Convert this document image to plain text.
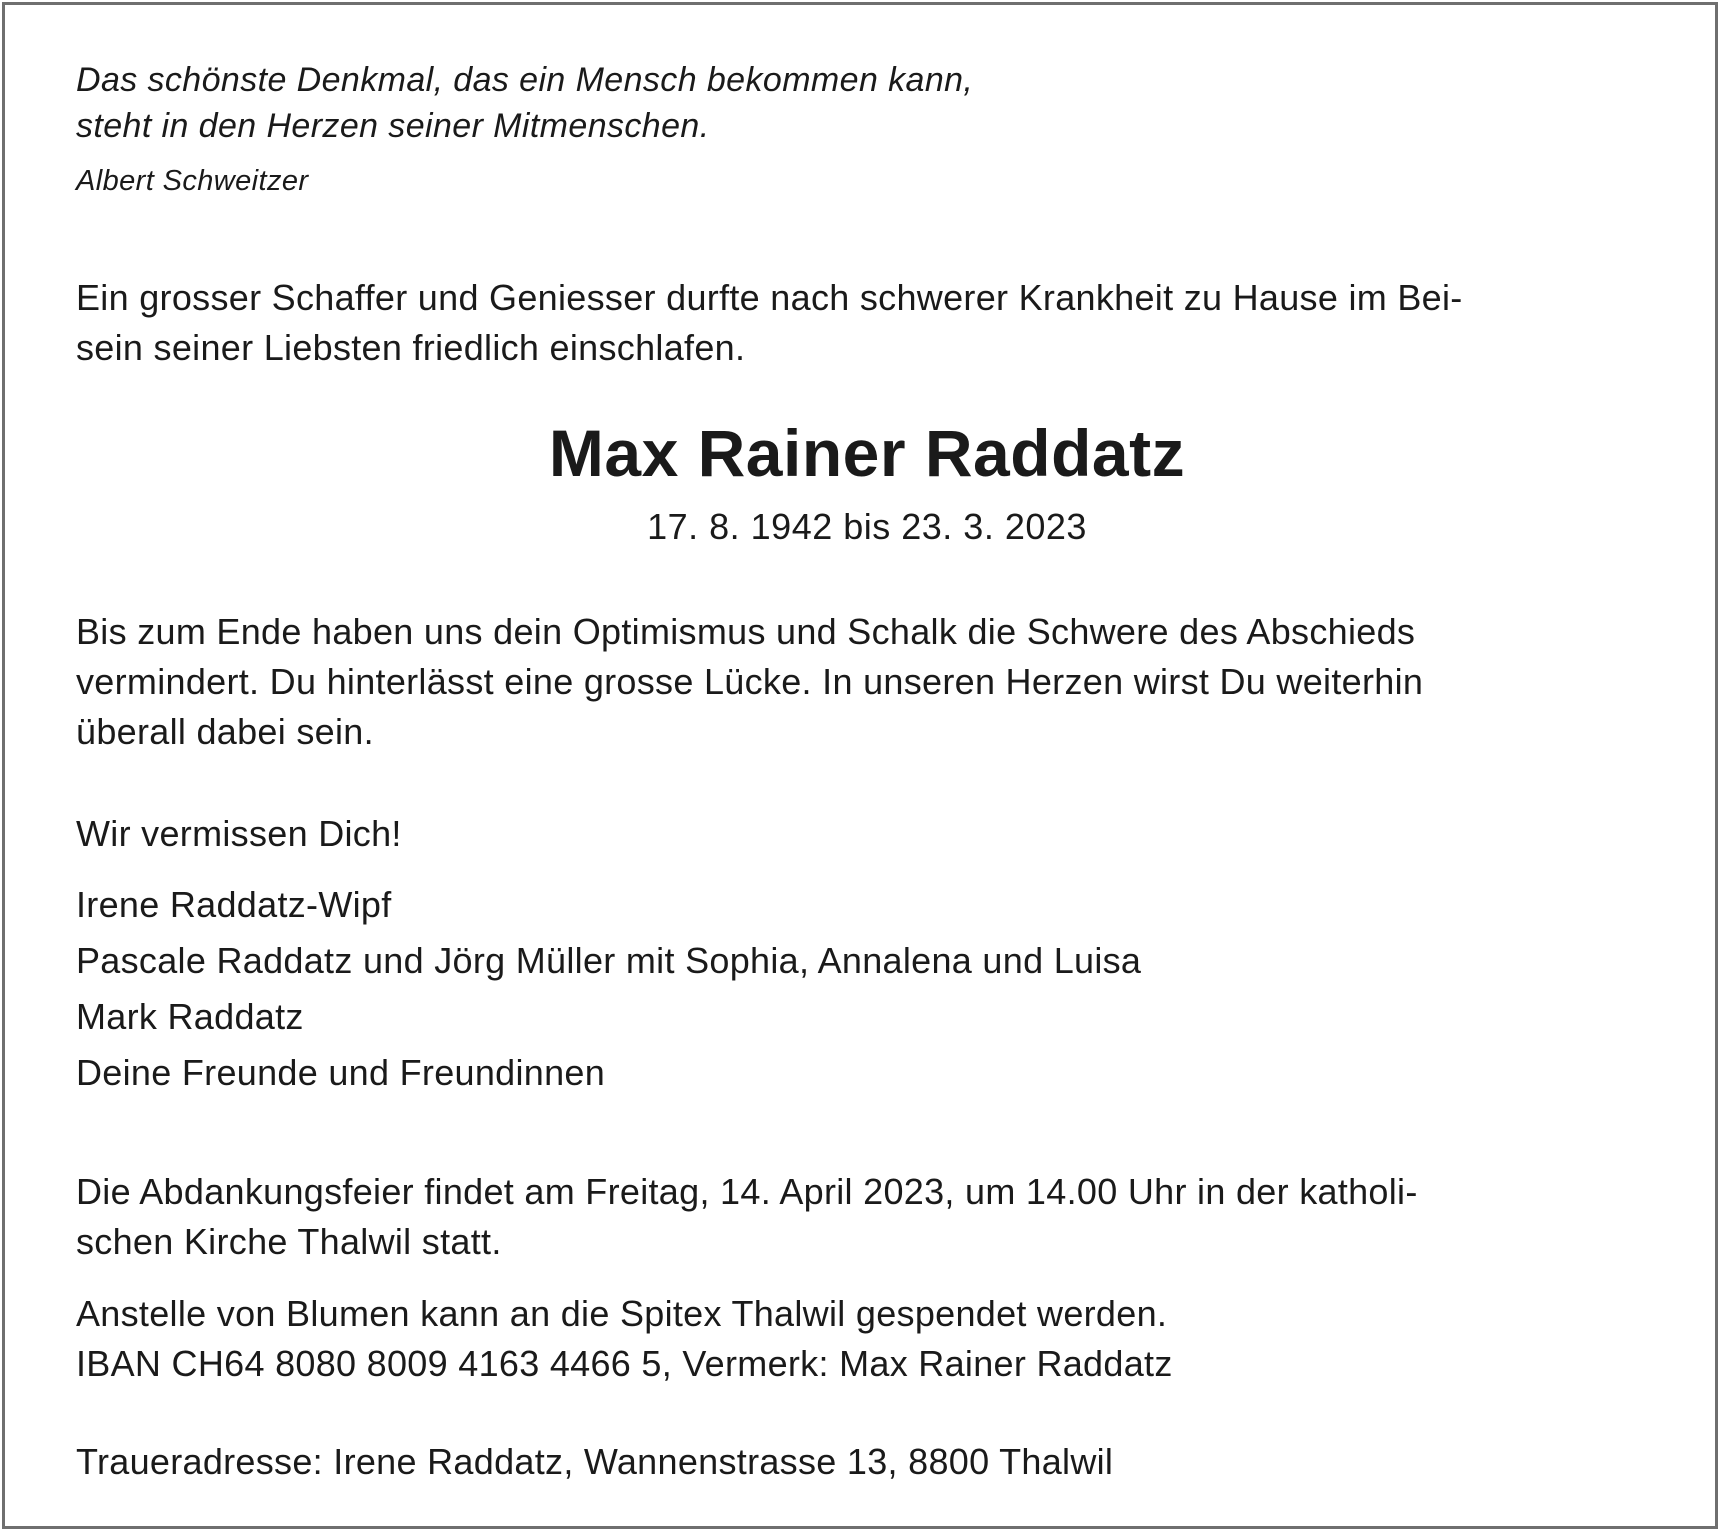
Das schönste Denkmal, das ein Mensch bekommen kann,
steht in den Herzen seiner Mitmenschen.
Albert Schweitzer
Ein grosser Schaffer und Geniesser durfte nach schwerer Krankheit zu Hause im Bei-
sein seiner Liebsten friedlich einschlafen.
Max Rainer Raddatz
17. 8. 1942 bis 23. 3. 2023
Bis zum Ende haben uns dein Optimismus und Schalk die Schwere des Abschieds
vermindert. Du hinterlässt eine grosse Lücke. In unseren Herzen wirst Du weiterhin
überall dabei sein.
Wir vermissen Dich!
Irene Raddatz-Wipf
Pascale Raddatz und Jörg Müller mit Sophia, Annalena und Luisa
Mark Raddatz
Deine Freunde und Freundinnen
Die Abdankungsfeier findet am Freitag, 14. April 2023, um 14.00 Uhr in der katholi-
schen Kirche Thalwil statt.
Anstelle von Blumen kann an die Spitex Thalwil gespendet werden.
IBAN CH64 8080 8009 4163 4466 5, Vermerk: Max Rainer Raddatz
Traueradresse: Irene Raddatz, Wannenstrasse 13, 8800 Thalwil
